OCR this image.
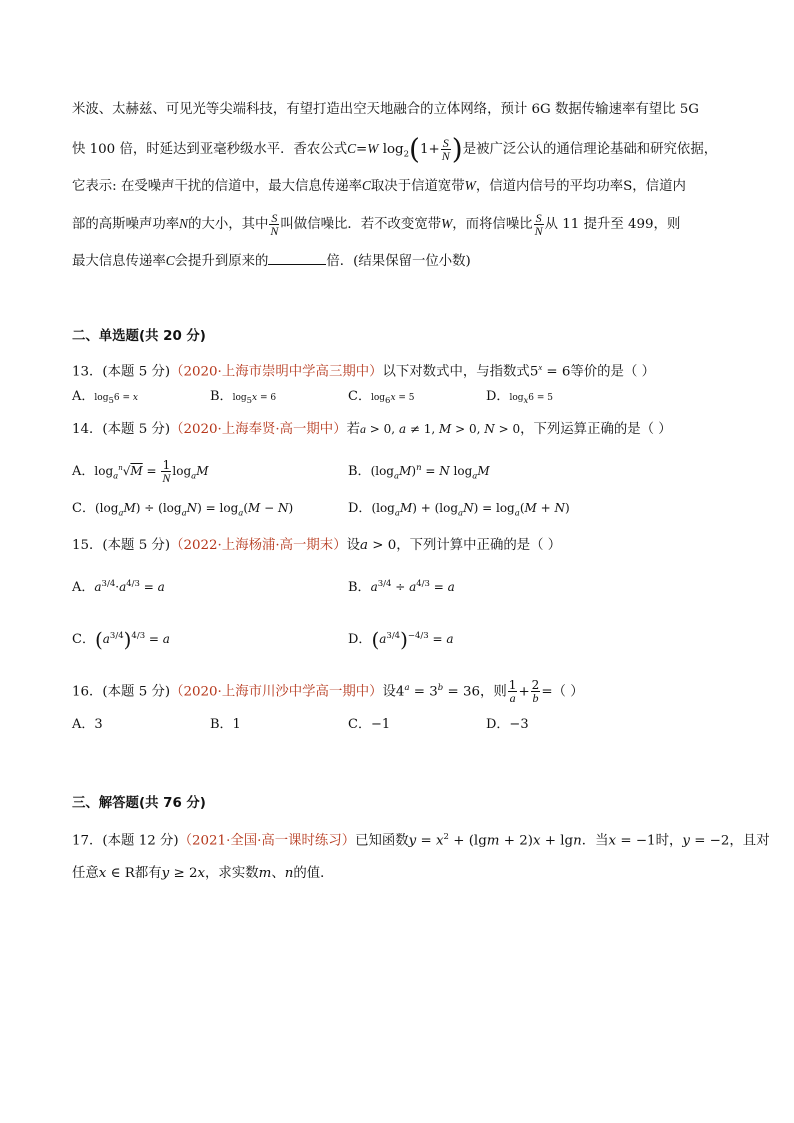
米波、太赫兹、可见光等尖端科技，有望打造出空天地融合的立体网络，预计 6G 数据传输速率有望比 5G
快 100 倍，时延达到亚毫秒级水平．香农公式C=W $\log_2(1+ \frac{S}{N}$ )是被广泛公认的通信理论基础和研究依据，
它表示: 在受噪声干扰的信道中，最大信息传递率C取决于信道宽带W，信道内信号的平均功率S，信道内
部的高斯噪声功率N的大小，其中 $\frac{S}{N}$ 叫做信噪比．若不改变宽带W，而将信噪比 $\frac{S}{N}$ 从 11 提升至 499，则
最大信息传递率C会提升到原来的	倍．(结果保留一位小数)
二、单选题(共 20 分)
13．(本题 5 分)（2020·上海市崇明中学高三期中）以下对数式中，与指数式$5^x = 6$等价的是（ ）
A．$\log_56 = x$	B．$\log_5x = 6$	C．$\log_6x = 5$	D．$\log_x6 = 5$
14．(本题 5 分)（2020·上海奉贤·高一期中）若a > 0, a ≠ 1, M > 0, N > 0，下列运算正确的是（ ）
A．$\log_a^n√M = \frac{1}{N} \log_aM$	B．$(\log_aM)^n = N$ $\log_aM$
C．$(\log_aM) \div (\log_aN) = \log_a(M - N)$	D．$(\log_aM) + (\log_aN) = \log_a(M + N)$
15．(本题 5 分)（2022·上海杨浦·高一期末）设a > 0，下列计算中正确的是（ ）
A．$a^{3/4}\cdot a^{4/3} = a$	B．$a^{3/4} \div a^{4/3} = a$
C．$(a^{3/4})^{4/3} = a$	D．$(a^{3/4})^{-4/3} = a$
16．(本题 5 分)（2020·上海市川沙中学高一期中）设$4^a = 3^b = 36$，则 $\frac{1}{a} + \frac{2}{b}$ =（ ）
A．3	B．1	C．−1	D．−3
三、解答题(共 76 分)
17．(本题 12 分)（2021·全国·高一课时练习）已知函数$y = x^2 + (\lg m + 2)x + \lg n$．当x = −1时，y = −2，且对
任意x ∈ R都有y ≥ 2x，求实数m、n的值．
